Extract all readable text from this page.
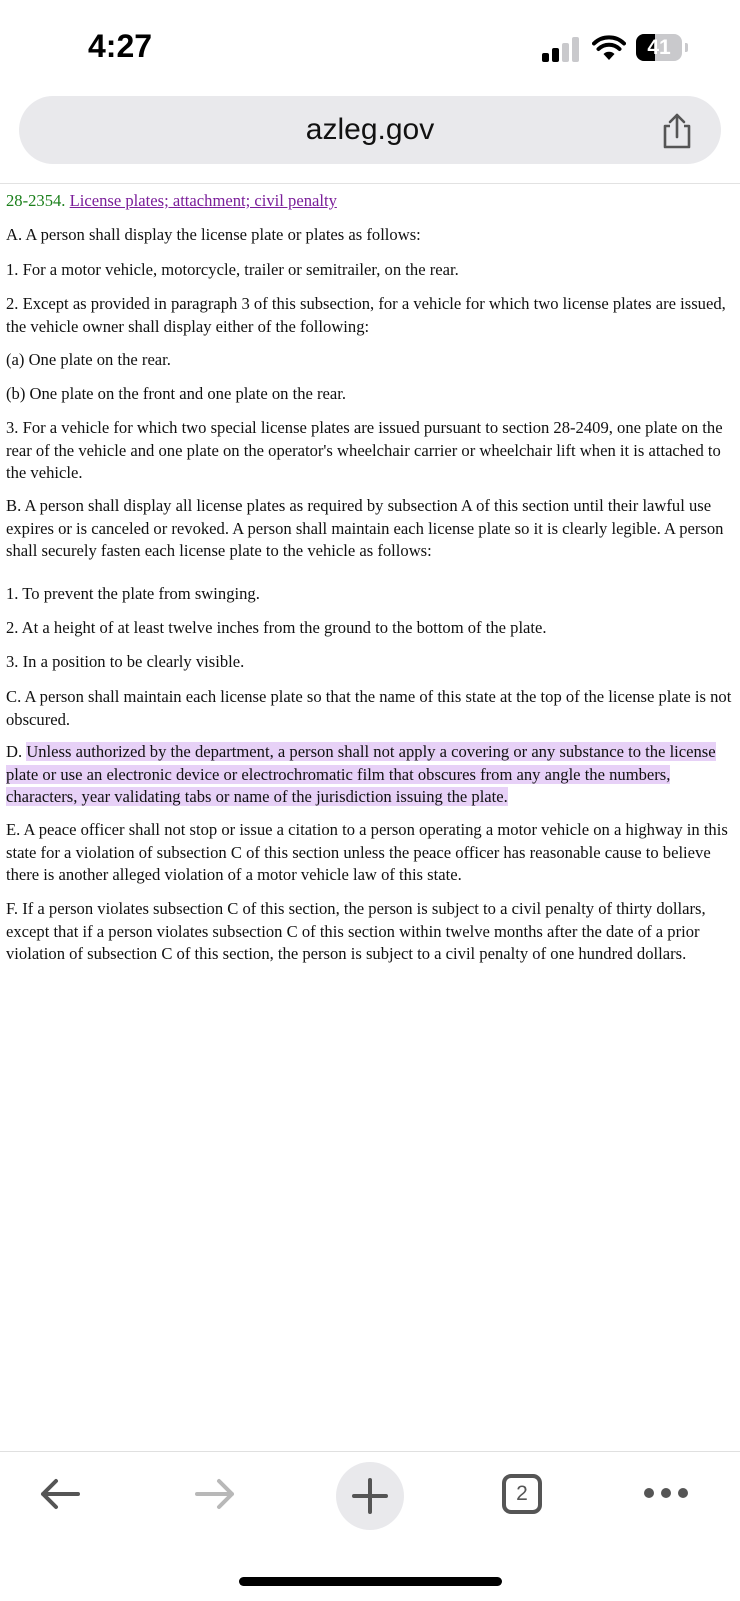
4:27	41
azleg.gov

28-2354. License plates; attachment; civil penalty

A. A person shall display the license plate or plates as follows:

1. For a motor vehicle, motorcycle, trailer or semitrailer, on the rear.

2. Except as provided in paragraph 3 of this subsection, for a vehicle for which two license plates are issued, the vehicle owner shall display either of the following:

(a) One plate on the rear.

(b) One plate on the front and one plate on the rear.

3. For a vehicle for which two special license plates are issued pursuant to section 28-2409, one plate on the rear of the vehicle and one plate on the operator's wheelchair carrier or wheelchair lift when it is attached to the vehicle.

B. A person shall display all license plates as required by subsection A of this section until their lawful use expires or is canceled or revoked. A person shall maintain each license plate so it is clearly legible. A person shall securely fasten each license plate to the vehicle as follows:

1. To prevent the plate from swinging.

2. At a height of at least twelve inches from the ground to the bottom of the plate.

3. In a position to be clearly visible.

C. A person shall maintain each license plate so that the name of this state at the top of the license plate is not obscured.

D. Unless authorized by the department, a person shall not apply a covering or any substance to the license plate or use an electronic device or electrochromatic film that obscures from any angle the numbers, characters, year validating tabs or name of the jurisdiction issuing the plate.

E. A peace officer shall not stop or issue a citation to a person operating a motor vehicle on a highway in this state for a violation of subsection C of this section unless the peace officer has reasonable cause to believe there is another alleged violation of a motor vehicle law of this state.

F. If a person violates subsection C of this section, the person is subject to a civil penalty of thirty dollars, except that if a person violates subsection C of this section within twelve months after the date of a prior violation of subsection C of this section, the person is subject to a civil penalty of one hundred dollars.

2
